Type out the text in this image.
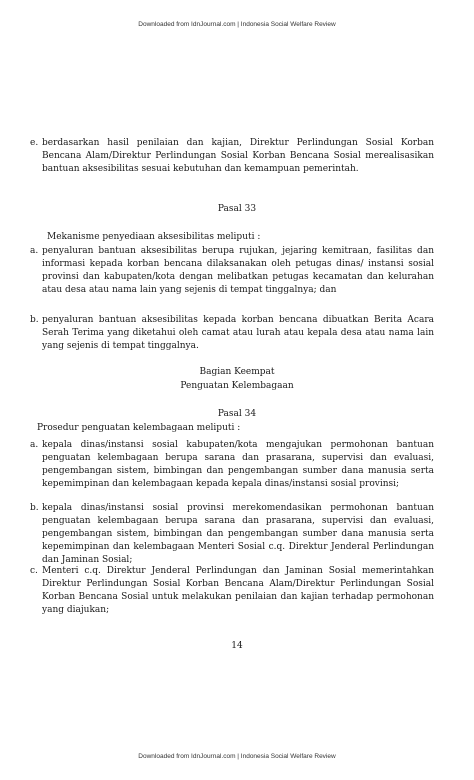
Downloaded from IdnJournal.com | Indonesia Social Welfare Review
e. berdasarkan hasil penilaian dan kajian, Direktur Perlindungan Sosial Korban Bencana Alam/Direktur Perlindungan Sosial Korban Bencana Sosial merealisasikan bantuan aksesibilitas sesuai kebutuhan dan kemampuan pemerintah.
Pasal 33
Mekanisme penyediaan aksesibilitas meliputi :
a. penyaluran bantuan aksesibilitas berupa rujukan, jejaring kemitraan, fasilitas dan informasi kepada korban bencana dilaksanakan oleh petugas dinas/ instansi sosial provinsi dan kabupaten/kota dengan melibatkan petugas kecamatan dan kelurahan atau desa atau nama lain yang sejenis di tempat tinggalnya; dan
b. penyaluran bantuan aksesibilitas kepada korban bencana dibuatkan Berita Acara Serah Terima yang diketahui oleh camat atau lurah atau kepala desa atau nama lain yang sejenis di tempat tinggalnya.
Bagian Keempat
Penguatan Kelembagaan
Pasal 34
Prosedur penguatan kelembagaan meliputi :
a. kepala dinas/instansi sosial kabupaten/kota mengajukan permohonan bantuan penguatan kelembagaan berupa sarana dan prasarana, supervisi dan evaluasi, pengembangan sistem, bimbingan dan pengembangan sumber dana manusia serta kepemimpinan dan kelembagaan kepada kepala dinas/instansi sosial provinsi;
b. kepala dinas/instansi sosial provinsi merekomendasikan permohonan bantuan penguatan kelembagaan berupa sarana dan prasarana, supervisi dan evaluasi, pengembangan sistem, bimbingan dan pengembangan sumber dana manusia serta kepemimpinan dan kelembagaan Menteri Sosial c.q. Direktur Jenderal Perlindungan dan Jaminan Sosial;
c. Menteri c.q. Direktur Jenderal Perlindungan dan Jaminan Sosial memerintahkan Direktur Perlindungan Sosial Korban Bencana Alam/Direktur Perlindungan Sosial Korban Bencana Sosial untuk melakukan penilaian dan kajian terhadap permohonan yang diajukan;
14
Downloaded from IdnJournal.com | Indonesia Social Welfare Review
